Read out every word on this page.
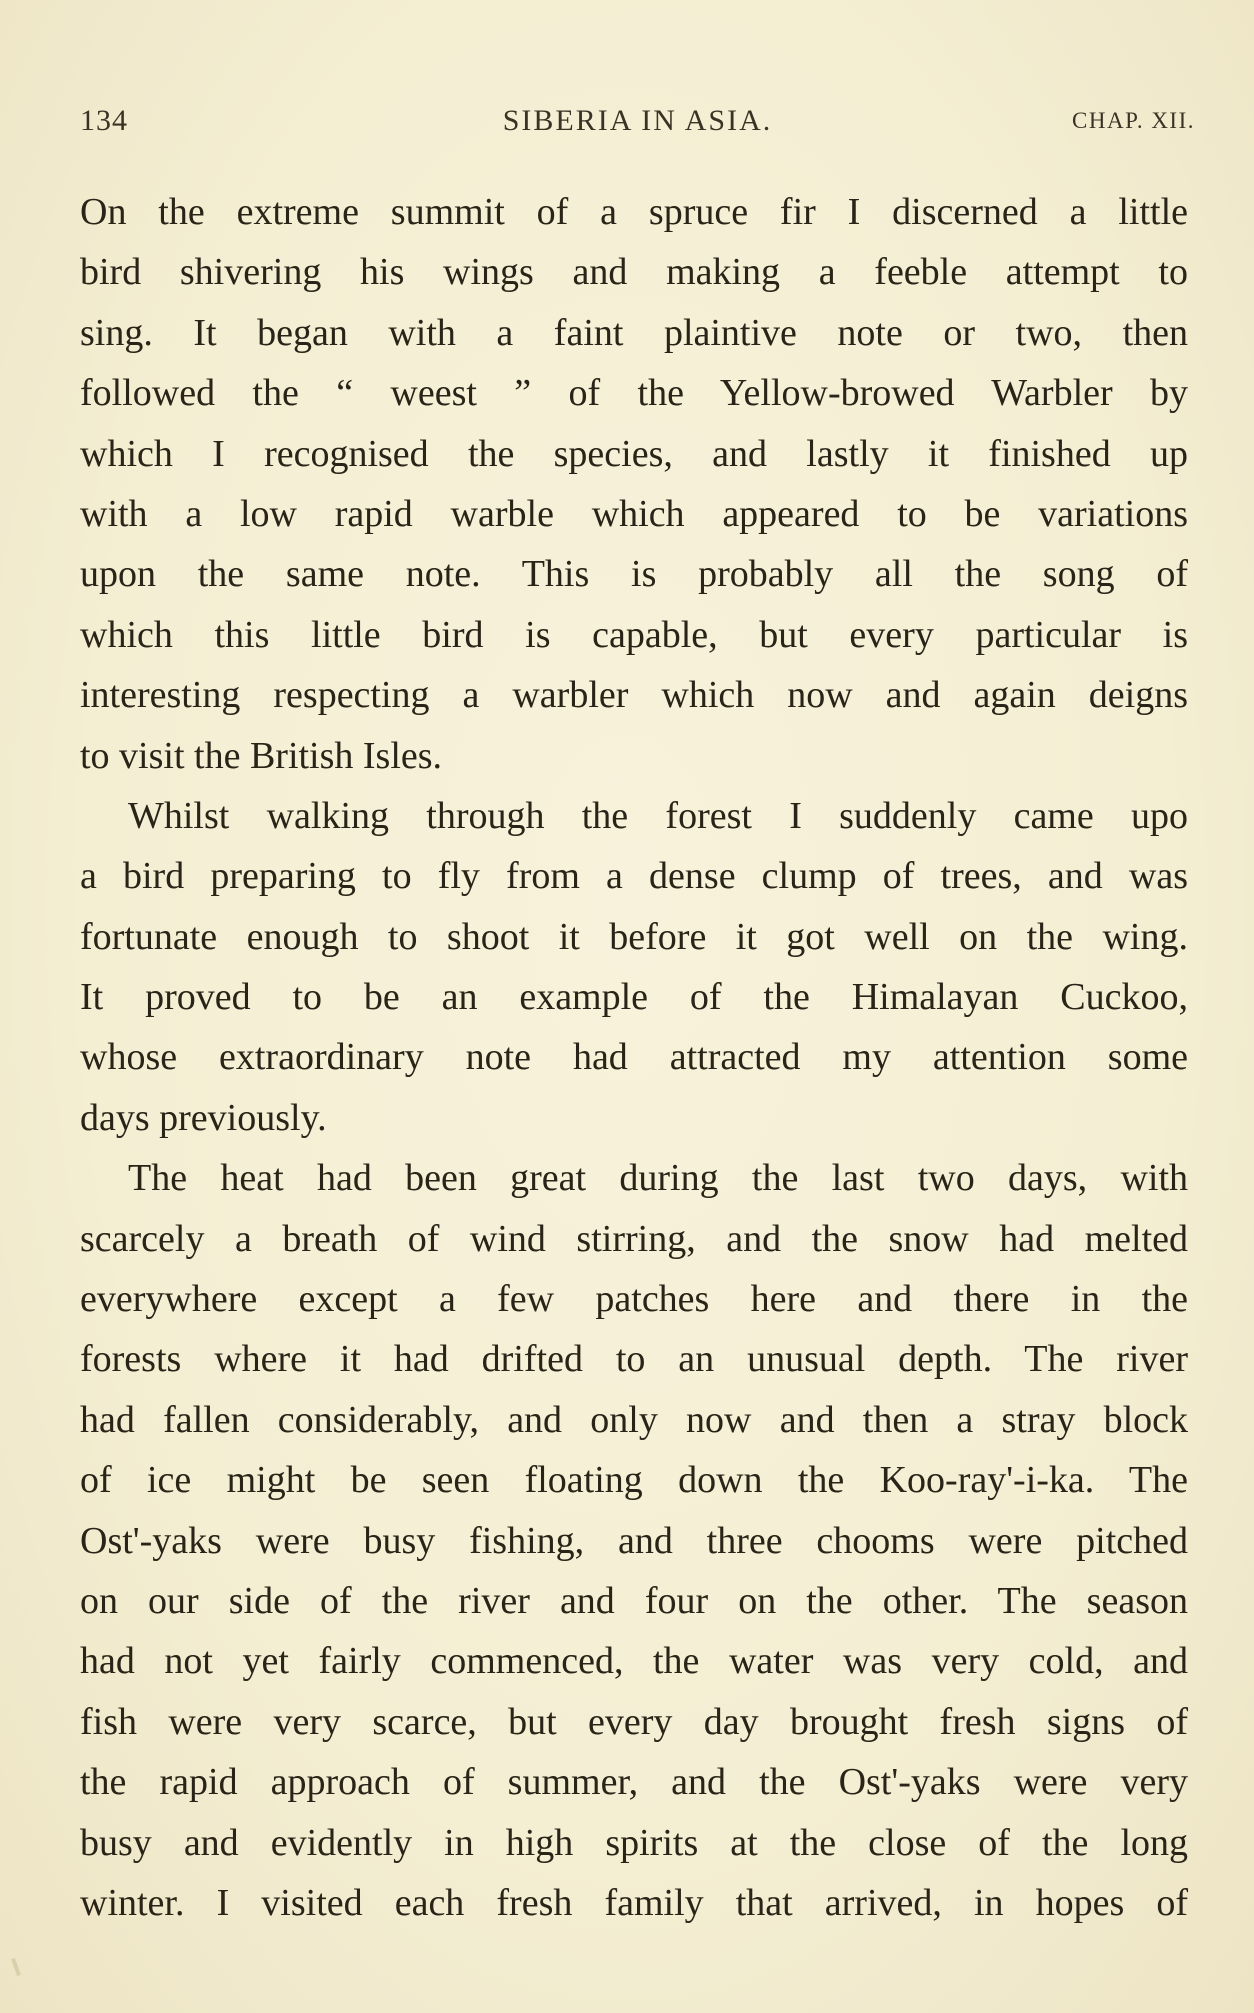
134	SIBERIA IN ASIA.	CHAP. XII.
On the extreme summit of a spruce fir I discerned a little
bird shivering his wings and making a feeble attempt to
sing. It began with a faint plaintive note or two, then
followed the “ weest ” of the Yellow-browed Warbler by
which I recognised the species, and lastly it finished up
with a low rapid warble which appeared to be variations
upon the same note. This is probably all the song of
which this little bird is capable, but every particular is
interesting respecting a warbler which now and again deigns
to visit the British Isles.
Whilst walking through the forest I suddenly came upo
a bird preparing to fly from a dense clump of trees, and was
fortunate enough to shoot it before it got well on the wing.
It proved to be an example of the Himalayan Cuckoo,
whose extraordinary note had attracted my attention some
days previously.
The heat had been great during the last two days, with
scarcely a breath of wind stirring, and the snow had melted
everywhere except a few patches here and there in the
forests where it had drifted to an unusual depth. The river
had fallen considerably, and only now and then a stray block
of ice might be seen floating down the Koo-ray'-i-ka. The
Ost'-yaks were busy fishing, and three chooms were pitched
on our side of the river and four on the other. The season
had not yet fairly commenced, the water was very cold, and
fish were very scarce, but every day brought fresh signs of
the rapid approach of summer, and the Ost'-yaks were very
busy and evidently in high spirits at the close of the long
winter. I visited each fresh family that arrived, in hopes of
